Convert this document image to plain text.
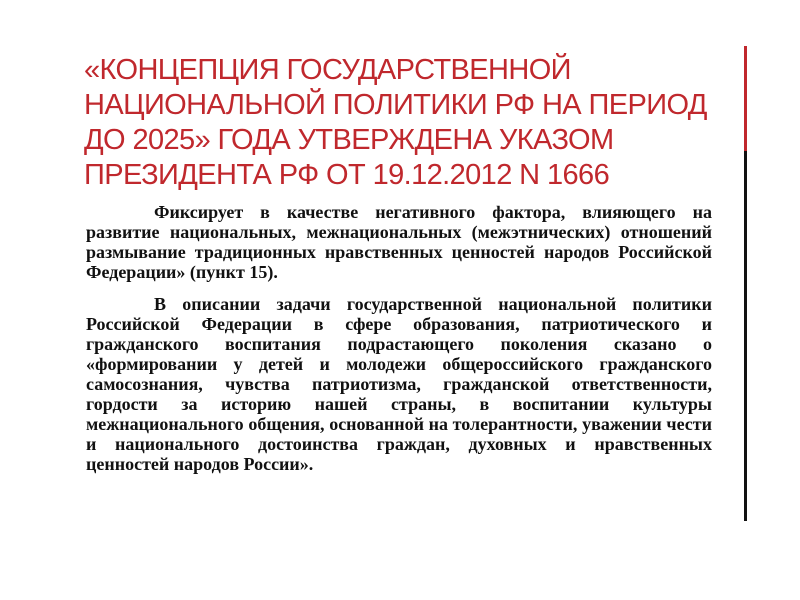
«КОНЦЕПЦИЯ ГОСУДАРСТВЕННОЙ НАЦИОНАЛЬНОЙ ПОЛИТИКИ РФ НА ПЕРИОД ДО 2025» ГОДА УТВЕРЖДЕНА УКАЗОМ ПРЕЗИДЕНТА РФ ОТ 19.12.2012 N 1666

Фиксирует в качестве негативного фактора, влияющего на развитие национальных, межнациональных (межэтнических) отношений размывание традиционных нравственных ценностей народов Российской Федерации» (пункт 15).

В описании задачи государственной национальной политики Российской Федерации в сфере образования, патриотического и гражданского воспитания подрастающего поколения сказано о «формировании у детей и молодежи общероссийского гражданского самосознания, чувства патриотизма, гражданской ответственности, гордости за историю нашей страны, в воспитании культуры межнационального общения, основанной на толерантности, уважении чести и национального достоинства граждан, духовных и нравственных ценностей народов России».
